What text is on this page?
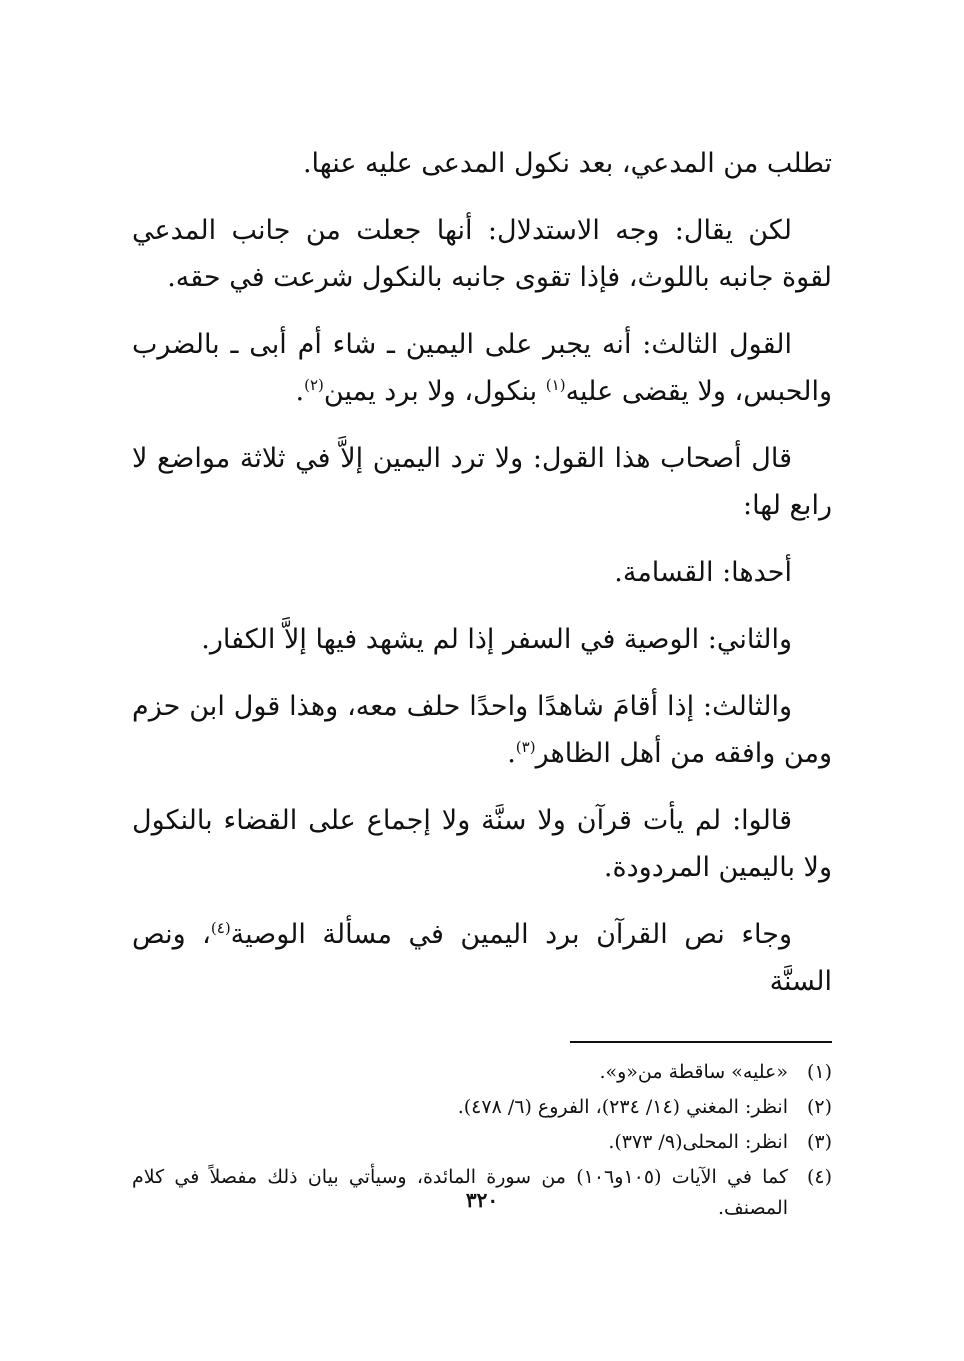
تطلب من المدعي، بعد نكول المدعى عليه عنها.

لكن يقال: وجه الاستدلال: أنها جعلت من جانب المدعي لقوة جانبه باللوث، فإذا تقوى جانبه بالنكول شرعت في حقه.

القول الثالث: أنه يجبر على اليمين ـ شاء أم أبى ـ بالضرب والحبس، ولا يقضى عليه$^{(١)}$ بنكول، ولا برد يمين$^{(٢)}$.

قال أصحاب هذا القول: ولا ترد اليمين إلاَّ في ثلاثة مواضع لا رابع لها:

أحدها: القسامة.

والثاني: الوصية في السفر إذا لم يشهد فيها إلاَّ الكفار.

والثالث: إذا أقامَ شاهدًا واحدًا حلف معه، وهذا قول ابن حزم ومن وافقه من أهل الظاهر$^{(٣)}$.

قالوا: لم يأت قرآن ولا سنَّة ولا إجماع على القضاء بالنكول ولا باليمين المردودة.

وجاء نص القرآن برد اليمين في مسألة الوصية$^{(٤)}$، ونص السنَّة

(١)
«عليه» ساقطة من«و».
(٢)
انظر: المغني (١٤/ ٢٣٤)، الفروع (٦/ ٤٧٨).
(٣)
انظر: المحلى(٩/ ٣٧٣).
(٤)
كما في الآيات (١٠٥و١٠٦) من سورة المائدة، وسيأتي بيان ذلك مفصلاً في كلام المصنف.
٣٢٠
